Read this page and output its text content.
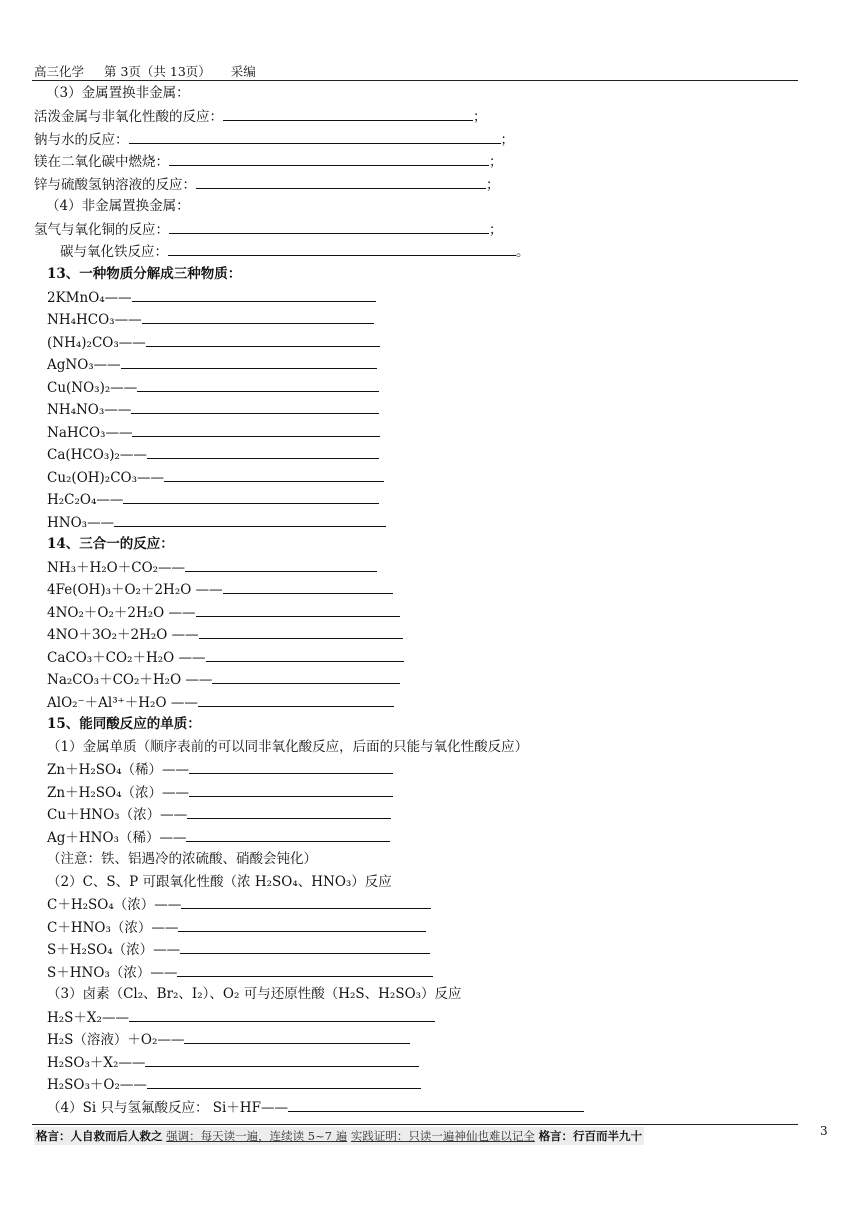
高三化学 第 3页（共 13页） 采编
（3）金属置换非金属：
活泼金属与非氧化性酸的反应：	；
钠与水的反应：	；
镁在二氧化碳中燃烧：	；
锌与硫酸氢钠溶液的反应：	；
（4）非金属置换金属：
氢气与氧化铜的反应：	；
碳与氧化铁反应：	。
13、一种物质分解成三种物质：
2KMnO₄——
NH₄HCO₃——
(NH₄)₂CO₃——
AgNO₃——
Cu(NO₃)₂——
NH₄NO₃——
NaHCO₃——
Ca(HCO₃)₂——
Cu₂(OH)₂CO₃——
H₂C₂O₄——
HNO₃——
14、三合一的反应：
NH₃＋H₂O＋CO₂——
4Fe(OH)₃＋O₂＋2H₂O ——
4NO₂＋O₂＋2H₂O ——
4NO＋3O₂＋2H₂O ——
CaCO₃＋CO₂＋H₂O ——
Na₂CO₃＋CO₂＋H₂O ——
AlO₂⁻＋Al³⁺＋H₂O ——
15、能同酸反应的单质：
（1）金属单质（顺序表前的可以同非氧化酸反应，后面的只能与氧化性酸反应）
Zn＋H₂SO₄（稀）——
Zn＋H₂SO₄（浓）——
Cu＋HNO₃（浓）——
Ag＋HNO₃（稀）——
（注意：铁、铝遇冷的浓硫酸、硝酸会钝化）
（2）C、S、P 可跟氧化性酸（浓 H₂SO₄、HNO₃）反应
C＋H₂SO₄（浓）——
C＋HNO₃（浓）——
S＋H₂SO₄（浓）——
S＋HNO₃（浓）——
（3）卤素（Cl₂、Br₂、I₂）、O₂ 可与还原性酸（H₂S、H₂SO₃）反应
H₂S＋X₂——
H₂S（溶液）＋O₂——
H₂SO₃＋X₂——
H₂SO₃＋O₂——
（4）Si 只与氢氟酸反应： Si＋HF——
格言：人自救而后人救之 强调：每天读一遍，连续读 5~7 遍 实践证明：只读一遍神仙也难以记全 格言：行百而半九十	3
